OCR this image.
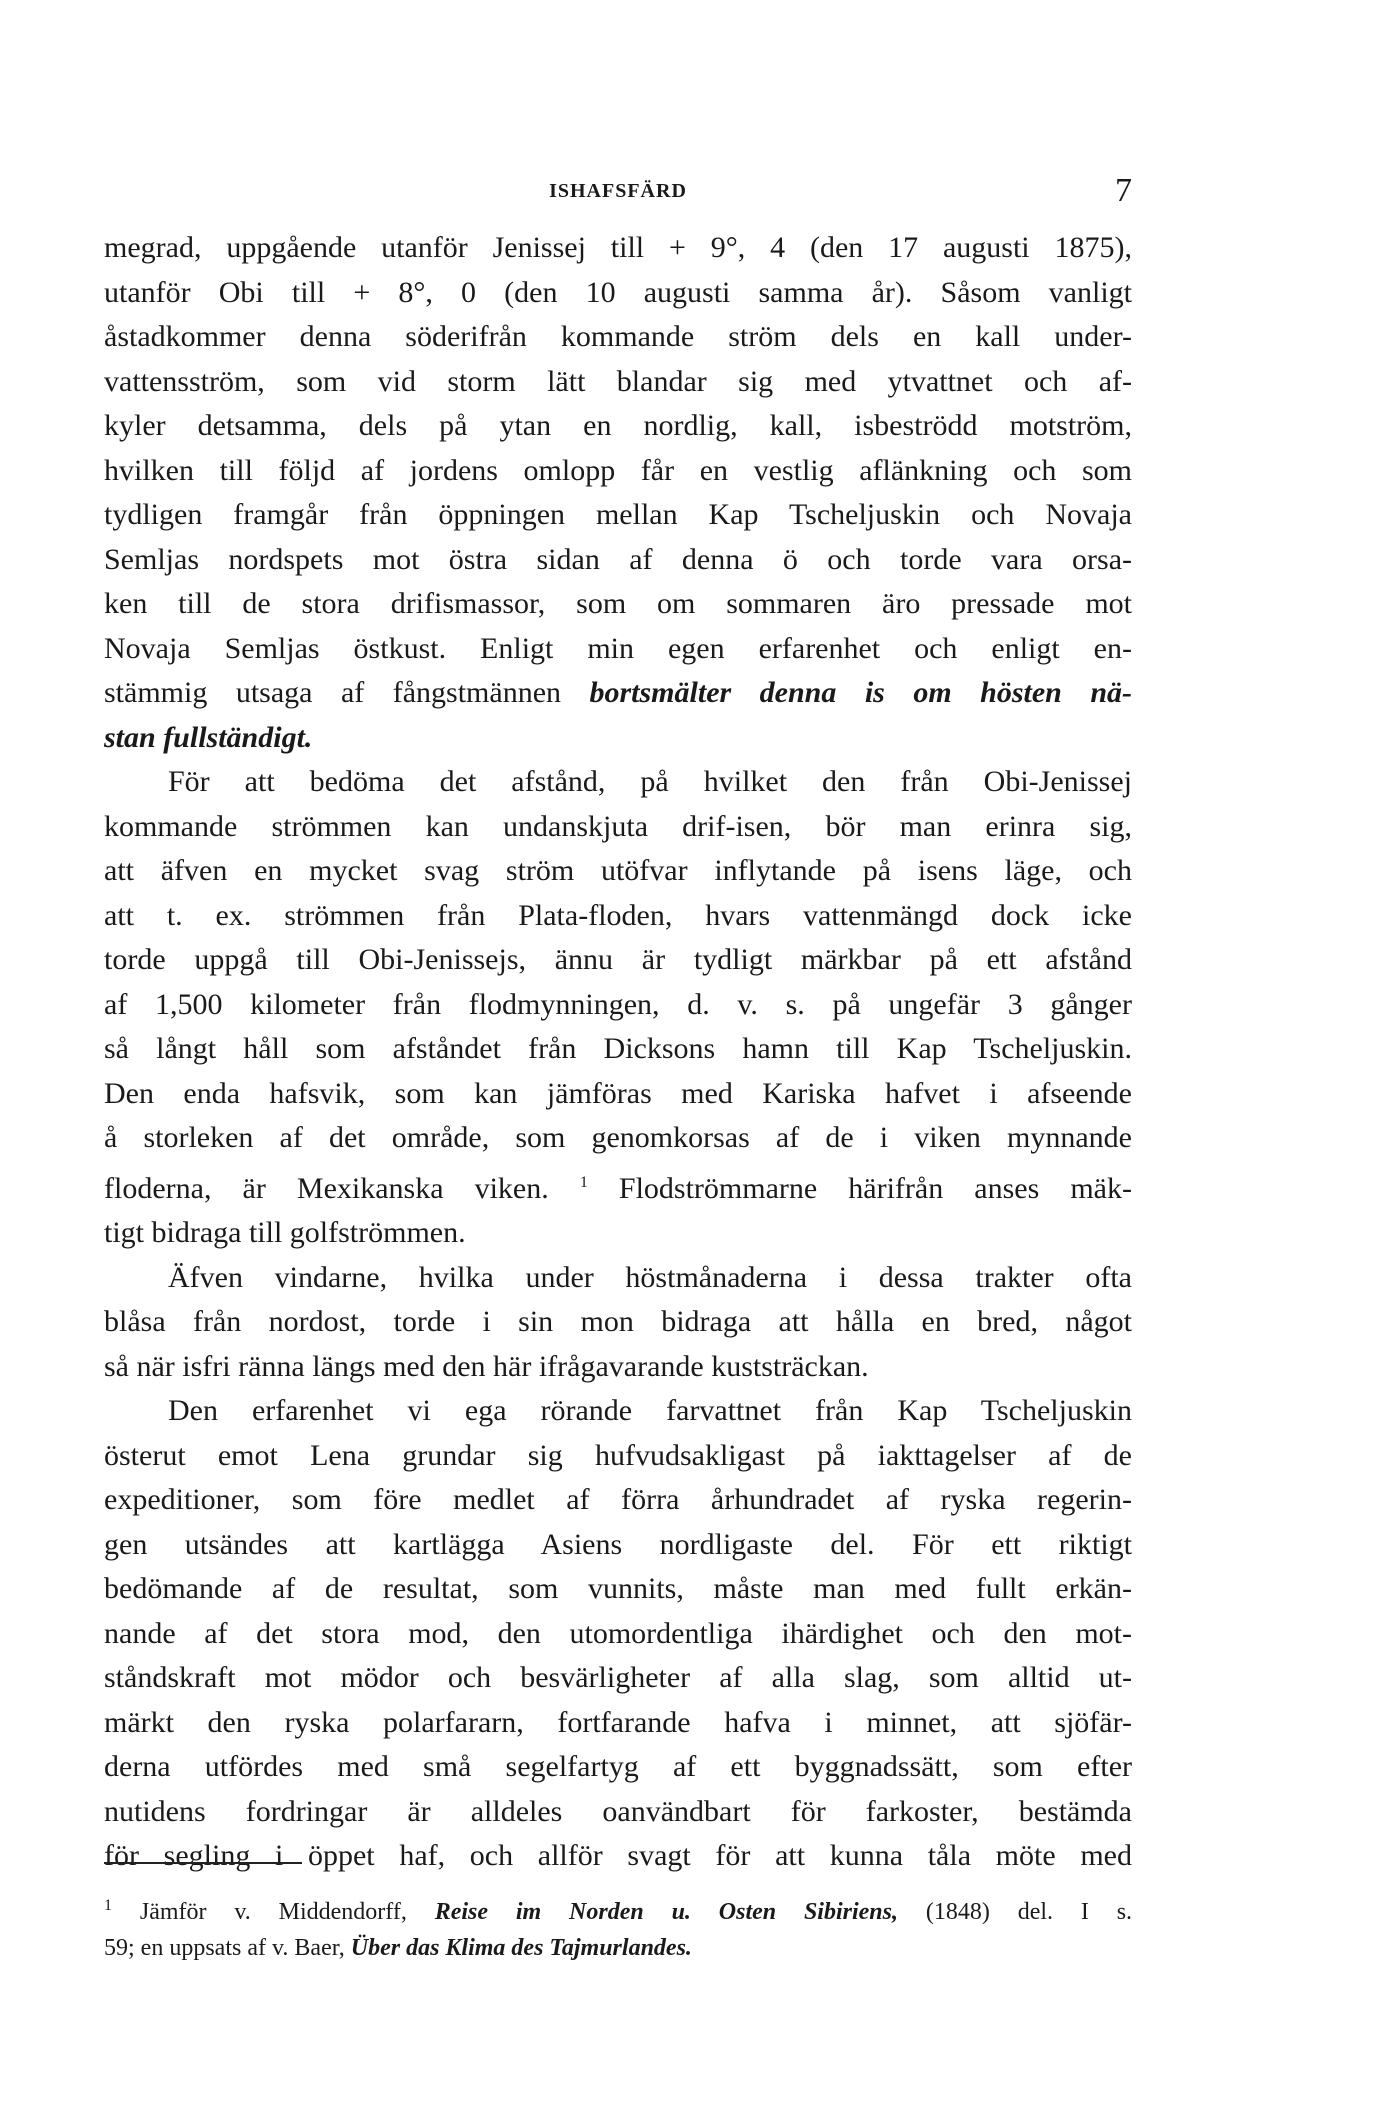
ISHAFSFÄRD	7

megrad, uppgående utanför Jenissej till + 9°, 4 (den 17 augusti 1875),

utanför Obi till + 8°, 0 (den 10 augusti samma år). Såsom vanligt

åstadkommer denna söderifrån kommande ström dels en kall under-

vattensström, som vid storm lätt blandar sig med ytvattnet och af-

kyler detsamma, dels på ytan en nordlig, kall, isbeströdd motström,

hvilken till följd af jordens omlopp får en vestlig aflänkning och som

tydligen framgår från öppningen mellan Kap Tscheljuskin och Novaja

Semljas nordspets mot östra sidan af denna ö och torde vara orsa-

ken till de stora drifismassor, som om sommaren äro pressade mot

Novaja Semljas östkust. Enligt min egen erfarenhet och enligt en-

stämmig utsaga af fångstmännen bortsmälter denna is om hösten nä-

stan fullständigt.

För att bedöma det afstånd, på hvilket den från Obi-Jenissej

kommande strömmen kan undanskjuta drif-isen, bör man erinra sig,

att äfven en mycket svag ström utöfvar inflytande på isens läge, och

att t. ex. strömmen från Plata-floden, hvars vattenmängd dock icke

torde uppgå till Obi-Jenissejs, ännu är tydligt märkbar på ett afstånd

af 1,500 kilometer från flodmynningen, d. v. s. på ungefär 3 gånger

så långt håll som afståndet från Dicksons hamn till Kap Tscheljuskin.

Den enda hafsvik, som kan jämföras med Kariska hafvet i afseende

å storleken af det område, som genomkorsas af de i viken mynnande

floderna, är Mexikanska viken. $^1$ Flodströmmarne härifrån anses mäk-

tigt bidraga till golfströmmen.

Äfven vindarne, hvilka under höstmånaderna i dessa trakter ofta

blåsa från nordost, torde i sin mon bidraga att hålla en bred, något

så när isfri ränna längs med den här ifrågavarande kuststräckan.

Den erfarenhet vi ega rörande farvattnet från Kap Tscheljuskin

österut emot Lena grundar sig hufvudsakligast på iakttagelser af de

expeditioner, som före medlet af förra århundradet af ryska regerin-

gen utsändes att kartlägga Asiens nordligaste del. För ett riktigt

bedömande af de resultat, som vunnits, måste man med fullt erkän-

nande af det stora mod, den utomordentliga ihärdighet och den mot-

ståndskraft mot mödor och besvärligheter af alla slag, som alltid ut-

märkt den ryska polarfararn, fortfarande hafva i minnet, att sjöfär-

derna utfördes med små segelfartyg af ett byggnadssätt, som efter

nutidens fordringar är alldeles oanvändbart för farkoster, bestämda

för segling i öppet haf, och allför svagt för att kunna tåla möte med

$^1$ Jämför v. Middendorff, Reise im Norden u. Osten Sibiriens, (1848) del. I s.

59; en uppsats af v. Baer, Über das Klima des Tajmurlandes.
